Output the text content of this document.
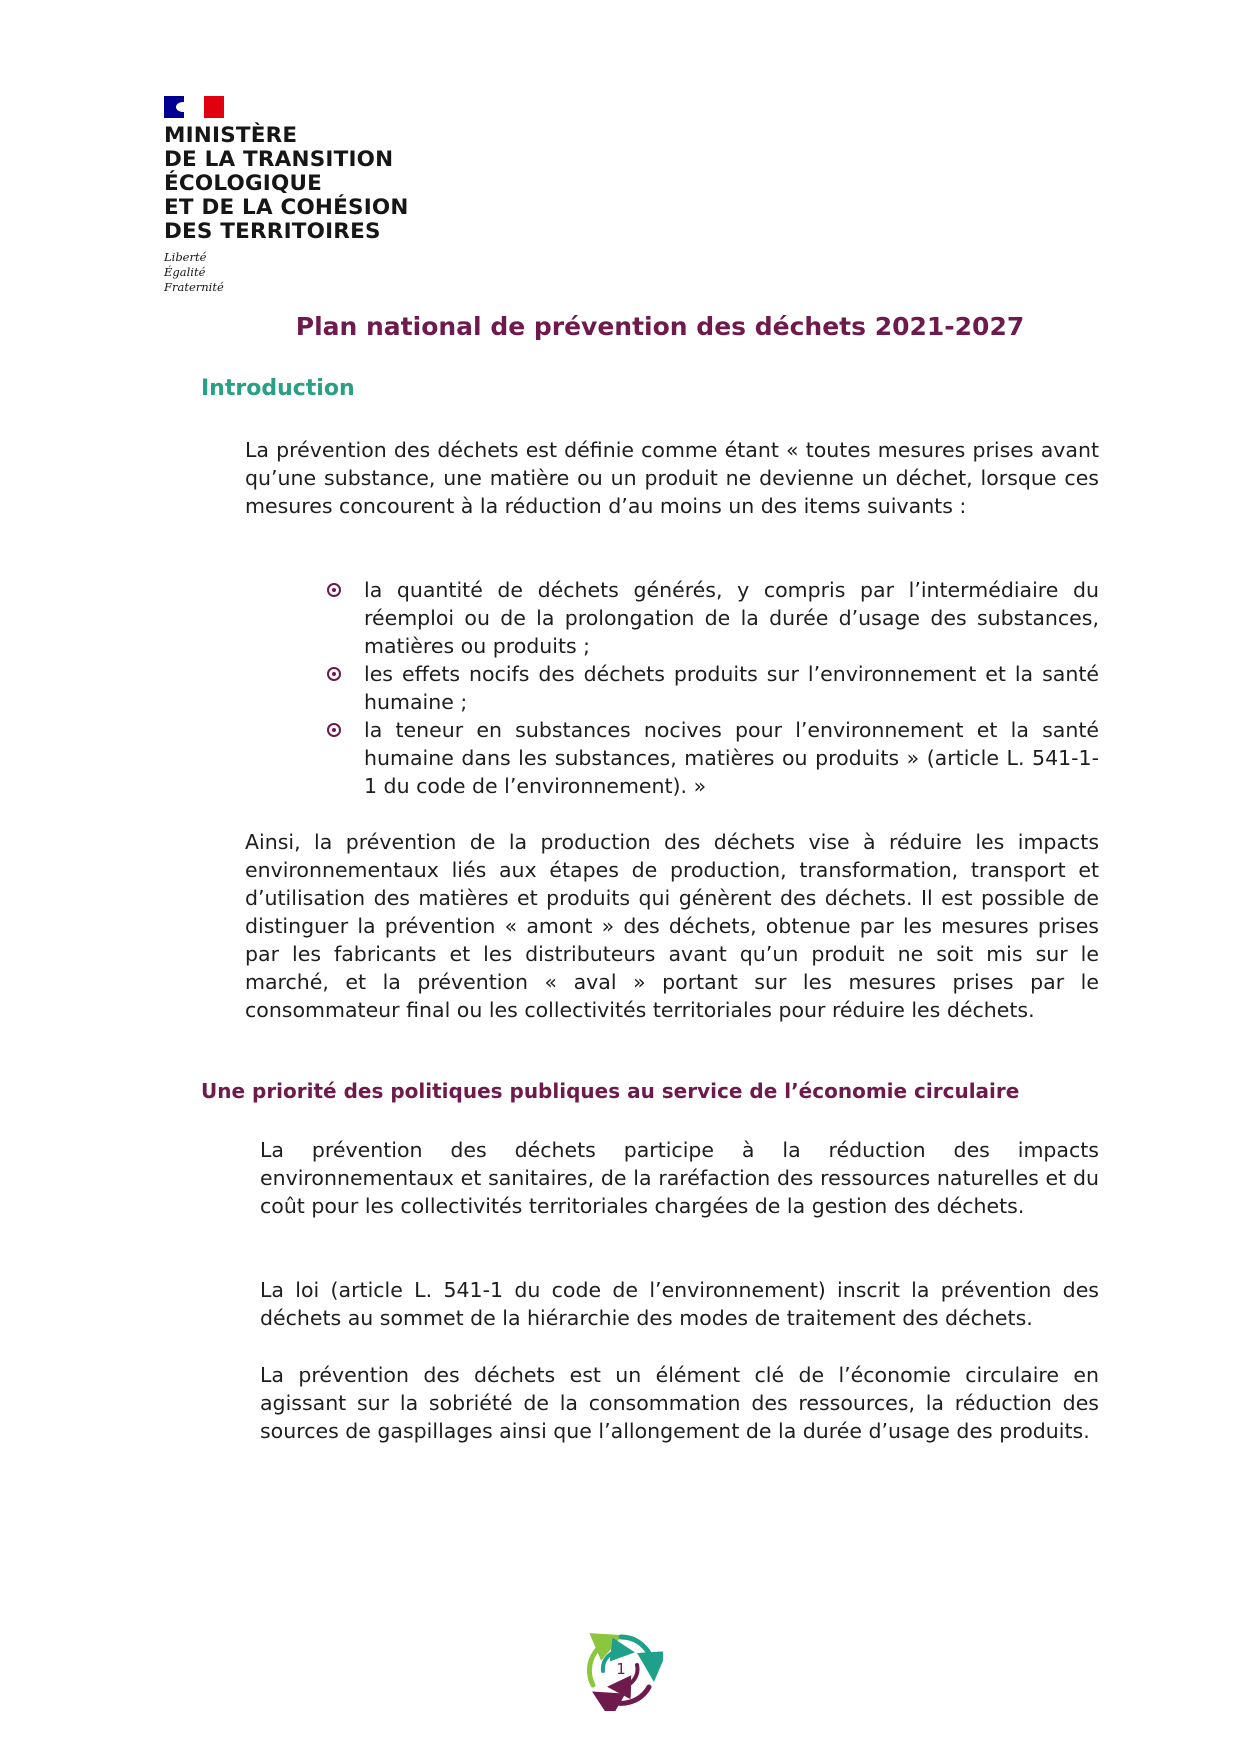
MINISTÈRE
DE LA TRANSITION
ÉCOLOGIQUE
ET DE LA COHÉSION
DES TERRITOIRES
Liberté
Égalité
Fraternité
Plan national de prévention des déchets 2021-2027
Introduction

La prévention des déchets est définie comme étant « toutes mesures prises avant qu’une substance, une matière ou un produit ne devienne un déchet, lorsque ces mesures concourent à la réduction d’au moins un des items suivants :

la quantité de déchets générés, y compris par l’intermédiaire du réemploi ou de la prolongation de la durée d’usage des substances, matières ou produits ;
les effets nocifs des déchets produits sur l’environnement et la santé humaine ;
la teneur en substances nocives pour l’environnement et la santé humaine dans les substances, matières ou produits » (article L. 541-1-1 du code de l’environnement). »

Ainsi, la prévention de la production des déchets vise à réduire les impacts environnementaux liés aux étapes de production, transformation, transport et d’utilisation des matières et produits qui génèrent des déchets. Il est possible de distinguer la prévention « amont » des déchets, obtenue par les mesures prises par les fabricants et les distributeurs avant qu’un produit ne soit mis sur le marché, et la prévention « aval » portant sur les mesures prises par le consommateur final ou les collectivités territoriales pour réduire les déchets.

Une priorité des politiques publiques au service de l’économie circulaire

La prévention des déchets participe à la réduction des impacts environnementaux et sanitaires, de la raréfaction des ressources naturelles et du coût pour les collectivités territoriales chargées de la gestion des déchets.

La loi (article L. 541-1 du code de l’environnement) inscrit la prévention des déchets au sommet de la hiérarchie des modes de traitement des déchets.

La prévention des déchets est un élément clé de l’économie circulaire en agissant sur la sobriété de la consommation des ressources, la réduction des sources de gaspillages ainsi que l’allongement de la durée d’usage des produits.

1
